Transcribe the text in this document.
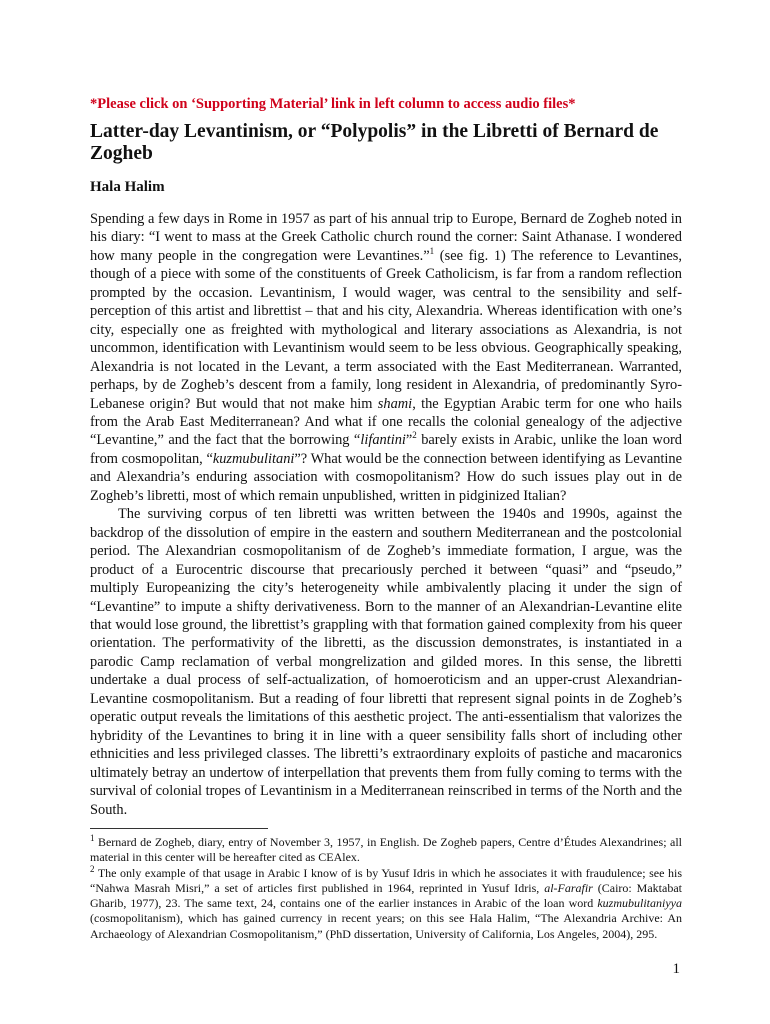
*Please click on ‘Supporting Material’ link in left column to access audio files*

Latter-day Levantinism, or “Polypolis” in the Libretti of Bernard de Zogheb

Hala Halim

Spending a few days in Rome in 1957 as part of his annual trip to Europe, Bernard de Zogheb noted in his diary: “I went to mass at the Greek Catholic church round the corner: Saint Athanase. I wondered how many people in the congregation were Levantines.”$^1$ (see fig. 1) The reference to Levantines, though of a piece with some of the constituents of Greek Catholicism, is far from a random reflection prompted by the occasion. Levantinism, I would wager, was central to the sensibility and self-perception of this artist and librettist – that and his city, Alexandria. Whereas identification with one’s city, especially one as freighted with mythological and literary associations as Alexandria, is not uncommon, identification with Levantinism would seem to be less obvious. Geographically speaking, Alexandria is not located in the Levant, a term associated with the East Mediterranean. Warranted, perhaps, by de Zogheb’s descent from a family, long resident in Alexandria, of predominantly Syro-Lebanese origin? But would that not make him shami, the Egyptian Arabic term for one who hails from the Arab East Mediterranean? And what if one recalls the colonial genealogy of the adjective “Levantine,” and the fact that the borrowing “lifantini”$^2$ barely exists in Arabic, unlike the loan word from cosmopolitan, “kuzmubulitani”? What would be the connection between identifying as Levantine and Alexandria’s enduring association with cosmopolitanism? How do such issues play out in de Zogheb’s libretti, most of which remain unpublished, written in pidginized Italian?

The surviving corpus of ten libretti was written between the 1940s and 1990s, against the backdrop of the dissolution of empire in the eastern and southern Mediterranean and the postcolonial period. The Alexandrian cosmopolitanism of de Zogheb’s immediate formation, I argue, was the product of a Eurocentric discourse that precariously perched it between “quasi” and “pseudo,” multiply Europeanizing the city’s heterogeneity while ambivalently placing it under the sign of “Levantine” to impute a shifty derivativeness. Born to the manner of an Alexandrian-Levantine elite that would lose ground, the librettist’s grappling with that formation gained complexity from his queer orientation. The performativity of the libretti, as the discussion demonstrates, is instantiated in a parodic Camp reclamation of verbal mongrelization and gilded mores. In this sense, the libretti undertake a dual process of self-actualization, of homoeroticism and an upper-crust Alexandrian-Levantine cosmopolitanism. But a reading of four libretti that represent signal points in de Zogheb’s operatic output reveals the limitations of this aesthetic project. The anti-essentialism that valorizes the hybridity of the Levantines to bring it in line with a queer sensibility falls short of including other ethnicities and less privileged classes. The libretti’s extraordinary exploits of pastiche and macaronics ultimately betray an undertow of interpellation that prevents them from fully coming to terms with the survival of colonial tropes of Levantinism in a Mediterranean reinscribed in terms of the North and the South.

$^1$ Bernard de Zogheb, diary, entry of November 3, 1957, in English. De Zogheb papers, Centre d’Études Alexandrines; all material in this center will be hereafter cited as CEAlex.

$^2$ The only example of that usage in Arabic I know of is by Yusuf Idris in which he associates it with fraudulence; see his “Nahwa Masrah Misri,” a set of articles first published in 1964, reprinted in Yusuf Idris, al-Farafir (Cairo: Maktabat Gharib, 1977), 23. The same text, 24, contains one of the earlier instances in Arabic of the loan word kuzmubulitaniyya (cosmopolitanism), which has gained currency in recent years; on this see Hala Halim, “The Alexandria Archive: An Archaeology of Alexandrian Cosmopolitanism,” (PhD dissertation, University of California, Los Angeles, 2004), 295.

1
